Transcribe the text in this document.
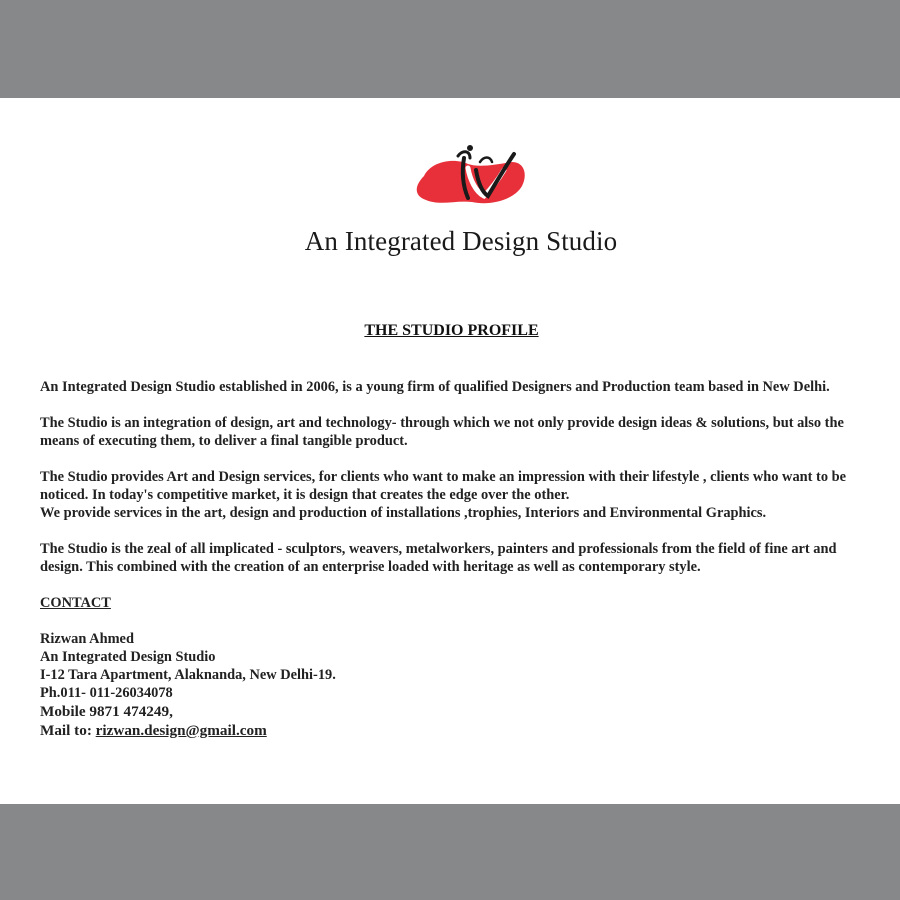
An Integrated Design Studio
THE STUDIO PROFILE

An Integrated Design Studio established in 2006, is a young firm of qualified Designers and Production team based in New Delhi.

The Studio is an integration of design, art and technology- through which we not only provide design ideas & solutions, but also the means of executing them, to deliver a final tangible product.

The Studio provides Art and Design services, for clients who want to make an impression with their lifestyle , clients who want to be noticed. In today's competitive market, it is design that creates the edge over the other.

We provide services in the art, design and production of installations ,trophies, Interiors and Environmental Graphics.

The Studio is the zeal of all implicated - sculptors, weavers, metalworkers, painters and professionals from the field of fine art and design. This combined with the creation of an enterprise loaded with heritage as well as contemporary style.

CONTACT
Rizwan Ahmed
An Integrated Design Studio
I-12 Tara Apartment, Alaknanda, New Delhi-19.
Ph.011- 011-26034078
Mobile 9871 474249,
Mail to: rizwan.design@gmail.com
